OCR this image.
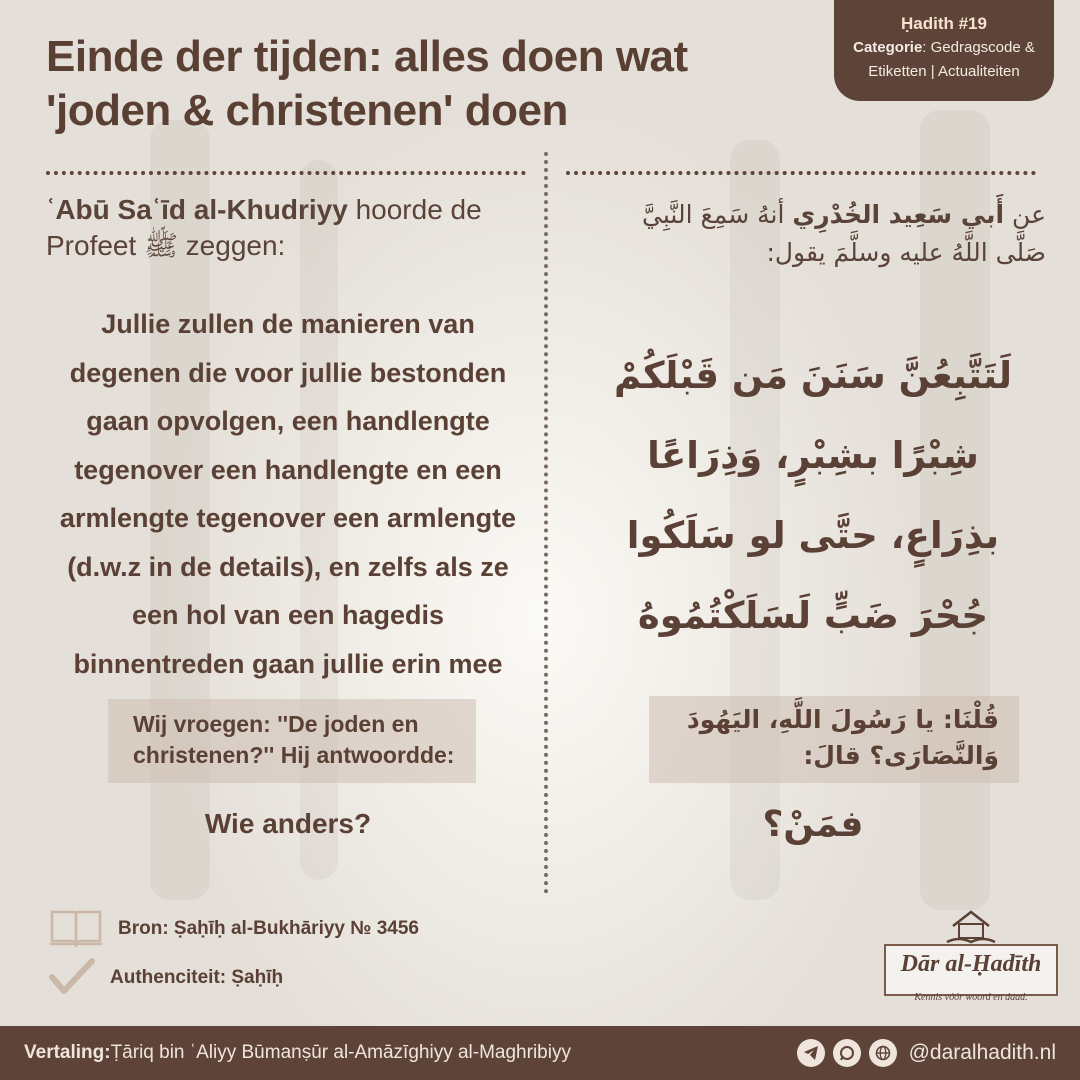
Einde der tijden: alles doen wat
'joden & christenen' doen
Ḥadith #19
Categorie: Gedragscode &
Etiketten | Actualiteiten
ʿAbū Saʿīd al-Khudriyy hoorde de
Profeet ﷺ zeggen:
عن أَبي سَعِيد الخُدْرِي أنهُ سَمِعَ النَّبِيَّ
صَلَّى اللَّهُ عليه وسلَّمَ يقول:
Jullie zullen de manieren van degenen die voor jullie bestonden gaan opvolgen, een handlengte tegenover een handlengte en een armlengte tegenover een armlengte (d.w.z in de details), en zelfs als ze een hol van een hagedis binnentreden gaan jullie erin mee
لَتَتَّبِعُنَّ سَنَنَ مَن قَبْلَكُمْ
شِبْرًا بشِبْرٍ، وَذِرَاعًا
بذِرَاعٍ، حتَّى لو سَلَكُوا
جُحْرَ ضَبٍّ لَسَلَكْتُمُوهُ
Wij vroegen: ''De joden en christenen?'' Hij antwoordde:
قُلْنَا: يا رَسُولَ اللَّهِ، اليَهُودَ وَالنَّصَارَى؟ قالَ:
Wie anders?	فمَنْ؟
Bron: Ṣaḥīḥ al-Bukhāriyy № 3456
Authenciteit: Ṣaḥīḥ
Dār al-Ḥadīth
Kennis vóór woord en daad.
Vertaling: Ṭāriq bin ʿAliyy Būmanṣūr al-Amāzīghiyy al-Maghribiyy	@daralhadith.nl
